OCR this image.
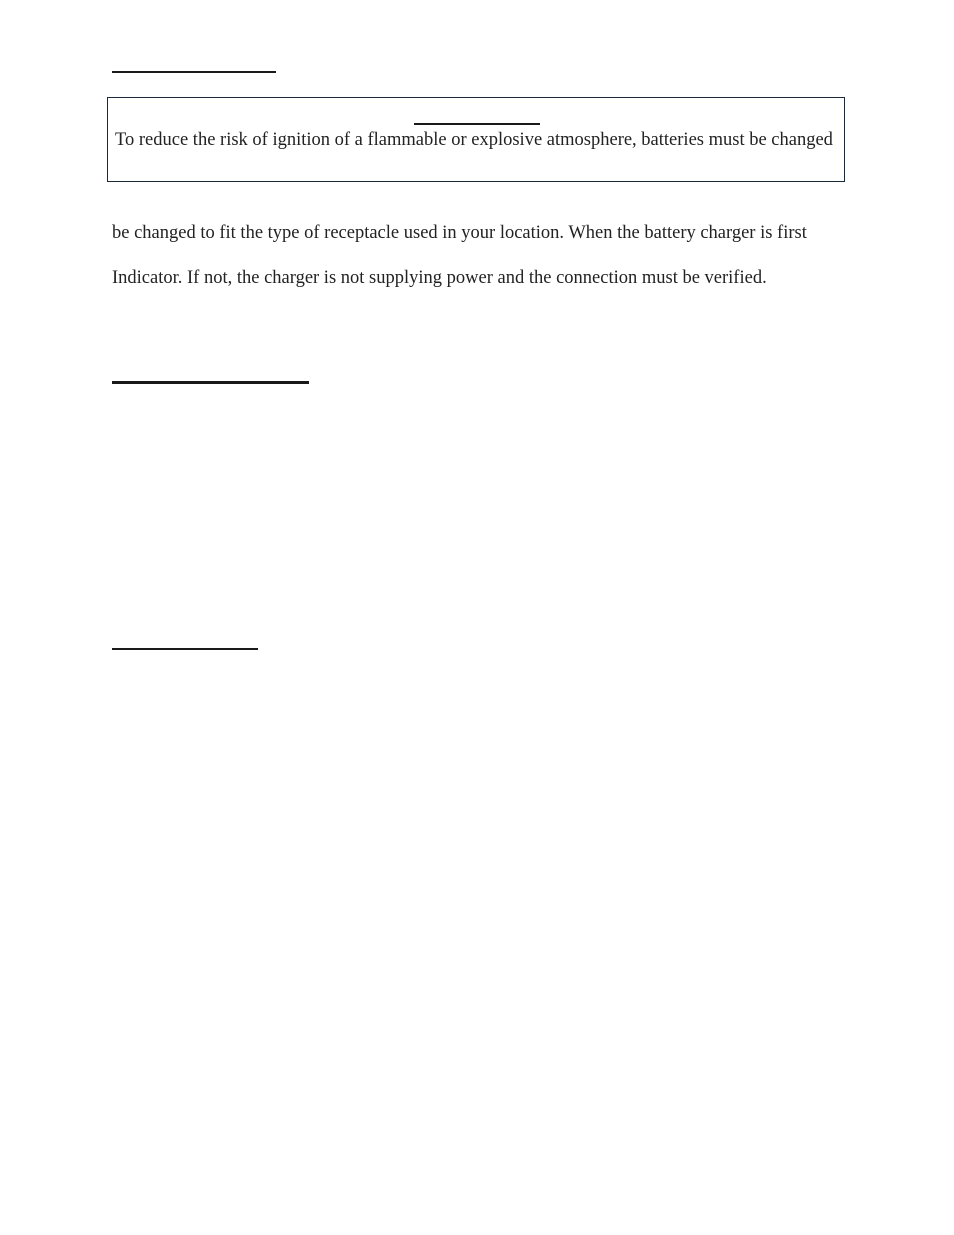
To reduce the risk of ignition of a flammable or explosive atmosphere, batteries must be changed
be changed to fit the type of receptacle used in your location. When the battery charger is first
Indicator. If not, the charger is not supplying power and the connection must be verified.
